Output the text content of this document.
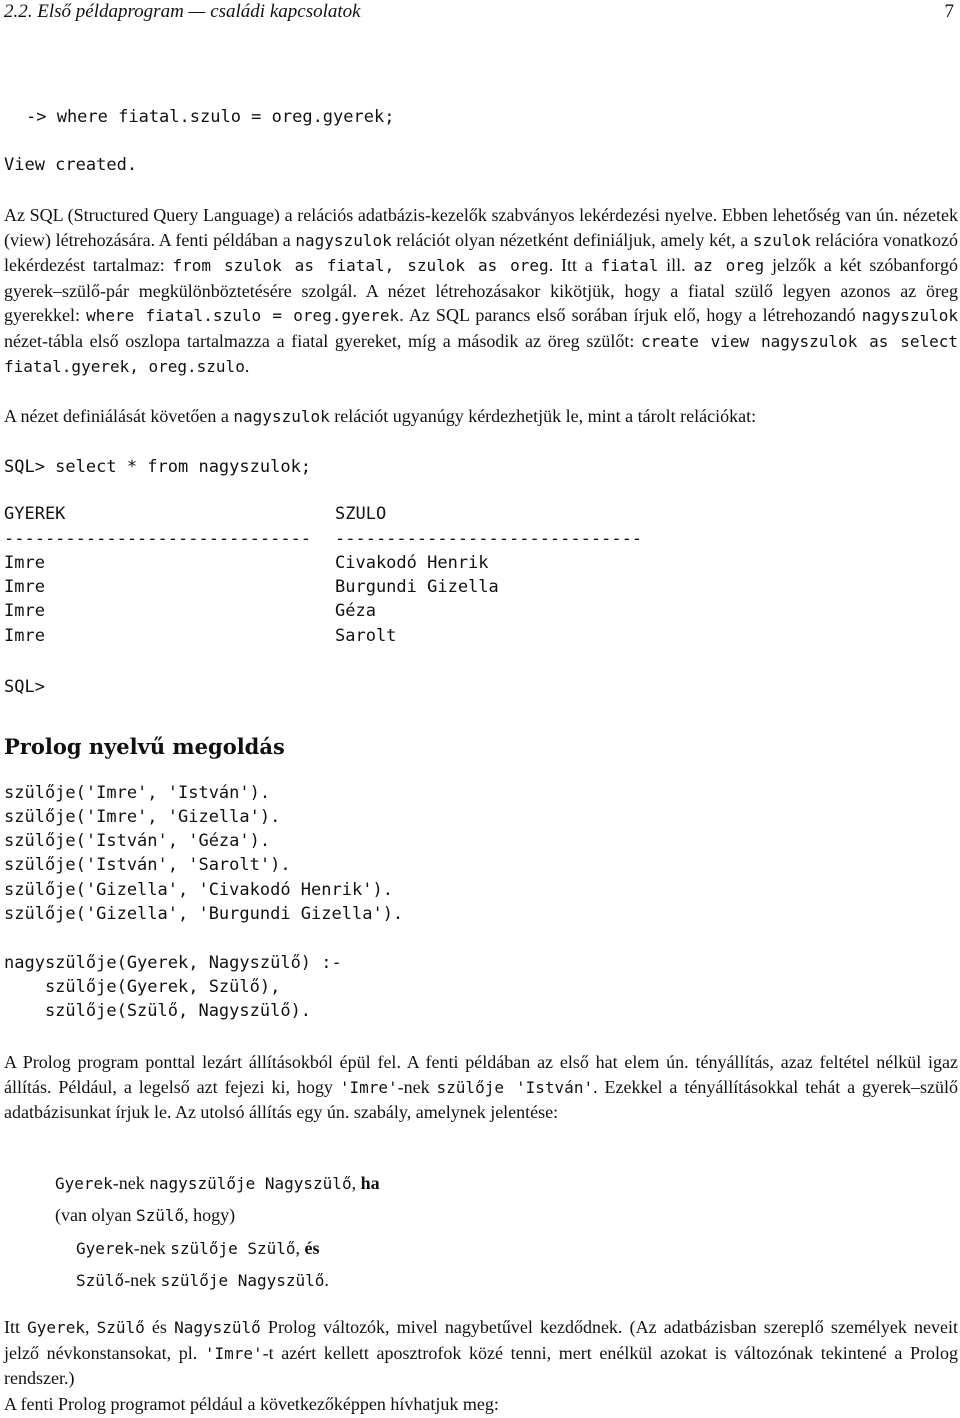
2.2. Első példaprogram — családi kapcsolatok	7
-> where fiatal.szulo = oreg.gyerek;
View created.
Az SQL (Structured Query Language) a relációs adatbázis-kezelők szabványos lekérdezési nyelve. Ebben lehetőség van ún. nézetek (view) létrehozására. A fenti példában a nagyszulok relációt olyan nézetként definiáljuk, amely két, a szulok relációra vonatkozó lekérdezést tartalmaz: from szulok as fiatal, szulok as oreg. Itt a fiatal ill. az oreg jelzők a két szóbanforgó gyerek–szülő-pár megkülönböztetésére szolgál. A nézet létrehozásakor kikötjük, hogy a fiatal szülő legyen azonos az öreg gyerekkel: where fiatal.szulo = oreg.gyerek. Az SQL parancs első sorában írjuk elő, hogy a létrehozandó nagyszulok nézet-tábla első oszlopa tartalmazza a fiatal gyereket, míg a második az öreg szülőt: create view nagyszulok as select fiatal.gyerek, oreg.szulo.
A nézet definiálását követően a nagyszulok relációt ugyanúgy kérdezhetjük le, mint a tárolt relációkat:
SQL> select * from nagyszulok;
GYEREK	SZULO
------------------------------ ------------------------------
Imre	Civakodó Henrik
Imre	Burgundi Gizella
Imre	Géza
Imre	Sarolt
SQL>
Prolog nyelvű megoldás
szülője('Imre', 'István').
szülője('Imre', 'Gizella').
szülője('István', 'Géza').
szülője('István', 'Sarolt').
szülője('Gizella', 'Civakodó Henrik').
szülője('Gizella', 'Burgundi Gizella').
nagyszülője(Gyerek, Nagyszülő) :-
szülője(Gyerek, Szülő),
szülője(Szülő, Nagyszülő).
A Prolog program ponttal lezárt állításokból épül fel. A fenti példában az első hat elem ún. tényállítás, azaz feltétel nélkül igaz állítás. Például, a legelső azt fejezi ki, hogy 'Imre'-nek szülője 'István'. Ezekkel a tényállításokkal tehát a gyerek–szülő adatbázisunkat írjuk le. Az utolsó állítás egy ún. szabály, amelynek jelentése:
Gyerek-nek nagyszülője Nagyszülő, ha
(van olyan Szülő, hogy)
Gyerek-nek szülője Szülő, és
Szülő-nek szülője Nagyszülő.
Itt Gyerek, Szülő és Nagyszülő Prolog változók, mivel nagybetűvel kezdődnek. (Az adatbázisban szereplő személyek neveit jelző névkonstansokat, pl. 'Imre'-t azért kellett aposztrofok közé tenni, mert enélkül azokat is változónak tekintené a Prolog rendszer.)
A fenti Prolog programot például a következőképpen hívhatjuk meg:
